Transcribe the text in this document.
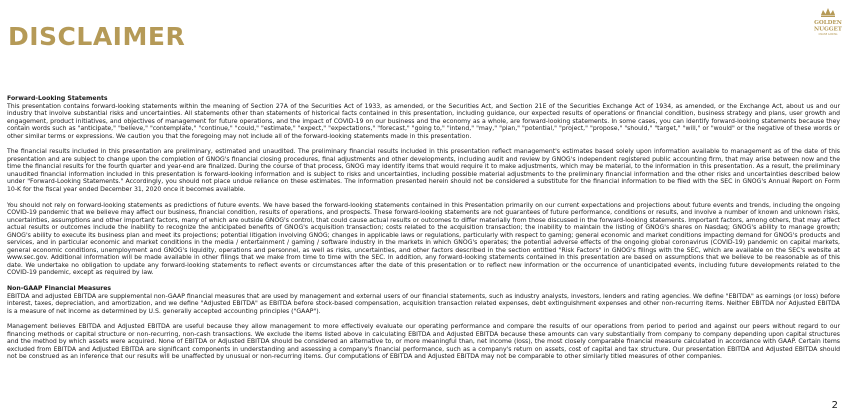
DISCLAIMER	GOLDEN
NUGGET
ONLINE GAMING

Forward-Looking Statements

This presentation contains forward-looking statements within the meaning of Section 27A of the Securities Act of 1933, as amended, or the Securities Act, and Section 21E of the Securities Exchange Act of 1934, as amended, or the Exchange Act, about us and our industry that involve substantial risks and uncertainties. All statements other than statements of historical facts contained in this presentation, including guidance, our expected results of operations or financial condition, business strategy and plans, user growth and engagement, product initiatives, and objectives of management for future operations, and the impact of COVID-19 on our business and the economy as a whole, are forward-looking statements. In some cases, you can identify forward-looking statements because they contain words such as "anticipate," "believe," "contemplate," "continue," "could," "estimate," "expect," "expectations," "forecast," "going to," "intend," "may," "plan," "potential," "project," "propose," "should," "target," "will," or "would" or the negative of these words or other similar terms or expressions. We caution you that the foregoing may not include all of the forward-looking statements made in this presentation.

The financial results included in this presentation are preliminary, estimated and unaudited. The preliminary financial results included in this presentation reflect management's estimates based solely upon information available to management as of the date of this presentation and are subject to change upon the completion of GNOG's financial closing procedures, final adjustments and other developments, including audit and review by GNOG's independent registered public accounting firm, that may arise between now and the time the financial results for the fourth quarter and year-end are finalized. During the course of that process, GNOG may identify items that would require it to make adjustments, which may be material, to the information in this presentation. As a result, the preliminary unaudited financial information included in this presentation is forward-looking information and is subject to risks and uncertainties, including possible material adjustments to the preliminary financial information and the other risks and uncertainties described below under "Forward-Looking Statements." Accordingly, you should not place undue reliance on these estimates. The information presented herein should not be considered a substitute for the financial information to be filed with the SEC in GNOG's Annual Report on Form 10-K for the fiscal year ended December 31, 2020 once it becomes available.

You should not rely on forward-looking statements as predictions of future events. We have based the forward-looking statements contained in this Presentation primarily on our current expectations and projections about future events and trends, including the ongoing COVID-19 pandemic that we believe may affect our business, financial condition, results of operations, and prospects. These forward-looking statements are not guarantees of future performance, conditions or results, and involve a number of known and unknown risks, uncertainties, assumptions and other important factors, many of which are outside GNOG's control, that could cause actual results or outcomes to differ materially from those discussed in the forward-looking statements. Important factors, among others, that may affect actual results or outcomes include the inability to recognize the anticipated benefits of GNOG's acquisition transaction; costs related to the acquisition transaction; the inability to maintain the listing of GNOG's shares on Nasdaq; GNOG's ability to manage growth; GNOG's ability to execute its business plan and meet its projections; potential litigation involving GNOG; changes in applicable laws or regulations, particularly with respect to gaming; general economic and market conditions impacting demand for GNOG's products and services, and in particular economic and market conditions in the media / entertainment / gaming / software industry in the markets in which GNOG's operates; the potential adverse effects of the ongoing global coronavirus (COVID-19) pandemic on capital markets, general economic conditions, unemployment and GNOG's liquidity, operations and personnel, as well as risks, uncertainties, and other factors described in the section entitled "Risk Factors" in GNOG's filings with the SEC, which are available on the SEC's website at www.sec.gov. Additional information will be made available in other filings that we make from time to time with the SEC. In addition, any forward-looking statements contained in this presentation are based on assumptions that we believe to be reasonable as of this date. We undertake no obligation to update any forward-looking statements to reflect events or circumstances after the date of this presentation or to reflect new information or the occurrence of unanticipated events, including future developments related to the COVID-19 pandemic, except as required by law.

Non-GAAP Financial Measures

EBITDA and adjusted EBITDA are supplemental non-GAAP financial measures that are used by management and external users of our financial statements, such as industry analysts, investors, lenders and rating agencies. We define "EBITDA" as earnings (or loss) before interest, taxes, depreciation, and amortization, and we define "Adjusted EBITDA" as EBITDA before stock-based compensation, acquisition transaction related expenses, debt extinguishment expenses and other non-recurring items. Neither EBITDA nor Adjusted EBITDA is a measure of net income as determined by U.S. generally accepted accounting principles ("GAAP").

Management believes EBITDA and Adjusted EBITDA are useful because they allow management to more effectively evaluate our operating performance and compare the results of our operations from period to period and against our peers without regard to our financing methods or capital structure or non-recurring, non-cash transactions. We exclude the items listed above in calculating EBITDA and Adjusted EBITDA because these amounts can vary substantially from company to company depending upon capital structures and the method by which assets were acquired. None of EBITDA or Adjusted EBITDA should be considered an alternative to, or more meaningful than, net income (loss), the most closely comparable financial measure calculated in accordance with GAAP. Certain items excluded from EBITDA and Adjusted EBITDA are significant components in understanding and assessing a company's financial performance, such as a company's return on assets, cost of capital and tax structure. Our presentation EBITDA and Adjusted EBITDA should not be construed as an inference that our results will be unaffected by unusual or non-recurring items. Our computations of EBITDA and Adjusted EBITDA may not be comparable to other similarly titled measures of other companies.

2
